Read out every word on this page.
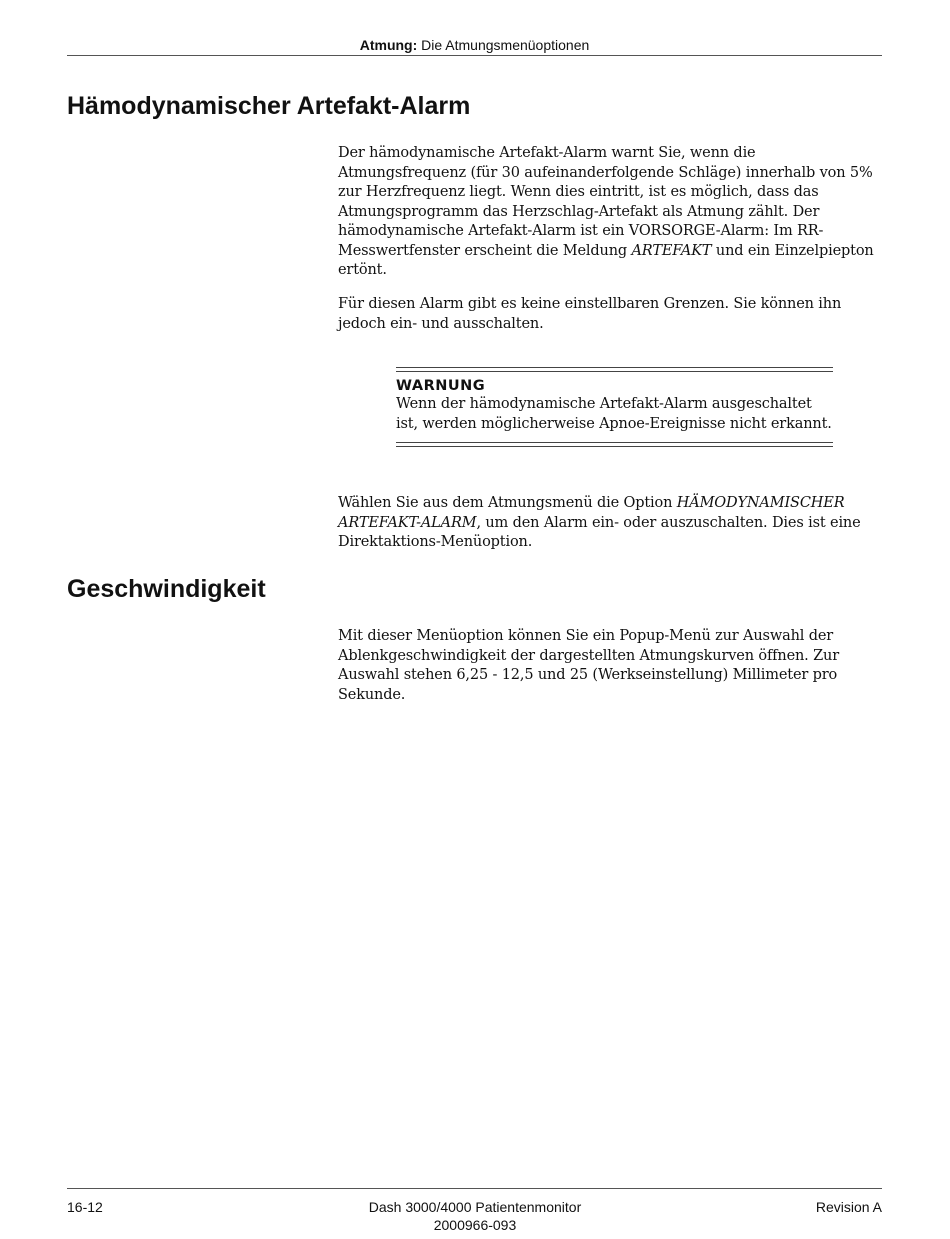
Atmung: Die Atmungsmenüoptionen
Hämodynamischer Artefakt-Alarm

Der hämodynamische Artefakt-Alarm warnt Sie, wenn die Atmungsfrequenz (für 30 aufeinanderfolgende Schläge) innerhalb von 5% zur Herzfrequenz liegt. Wenn dies eintritt, ist es möglich, dass das Atmungsprogramm das Herzschlag-Artefakt als Atmung zählt. Der hämodynamische Artefakt-Alarm ist ein VORSORGE-Alarm: Im RR-Messwertfenster erscheint die Meldung ARTEFAKT und ein Einzelpiepton ertönt.

Für diesen Alarm gibt es keine einstellbaren Grenzen. Sie können ihn jedoch ein- und ausschalten.

WARNUNG
Wenn der hämodynamische Artefakt-Alarm ausgeschaltet ist, werden möglicherweise Apnoe-Ereignisse nicht erkannt.

Wählen Sie aus dem Atmungsmenü die Option HÄMODYNAMISCHER ARTEFAKT-ALARM, um den Alarm ein- oder auszuschalten. Dies ist eine Direktaktions-Menüoption.

Geschwindigkeit

Mit dieser Menüoption können Sie ein Popup-Menü zur Auswahl der Ablenkgeschwindigkeit der dargestellten Atmungskurven öffnen. Zur Auswahl stehen 6,25 - 12,5 und 25 (Werkseinstellung) Millimeter pro Sekunde.

16-12	Dash 3000/4000 Patientenmonitor
2000966-093
Revision A
